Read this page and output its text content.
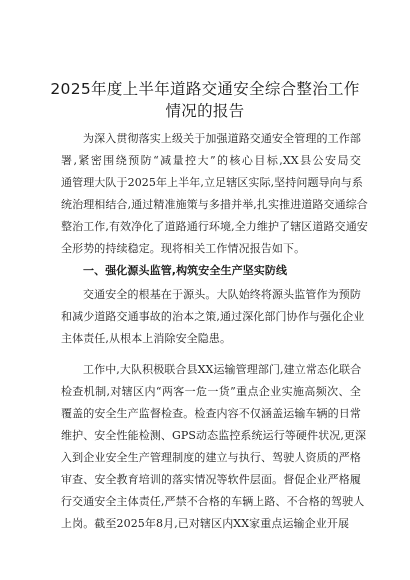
2025年度上半年道路交通安全综合整治工作
情况的报告
为深入贯彻落实上级关于加强道路交通安全管理的工作部
署,紧密围绕预防“减量控大”的核心目标,XX县公安局交
通管理大队于2025年上半年,立足辖区实际,坚持问题导向与系
统治理相结合,通过精准施策与多措并举,扎实推进道路交通综合
整治工作,有效净化了道路通行环境,全力维护了辖区道路交通安
全形势的持续稳定。现将相关工作情况报告如下。
一、强化源头监管,构筑安全生产坚实防线
交通安全的根基在于源头。大队始终将源头监管作为预防
和减少道路交通事故的治本之策,通过深化部门协作与强化企业
主体责任,从根本上消除安全隐患。
工作中,大队积极联合县XX运输管理部门,建立常态化联合
检查机制,对辖区内“两客一危一货”重点企业实施高频次、全
覆盖的安全生产监督检查。检查内容不仅涵盖运输车辆的日常
维护、安全性能检测、GPS动态监控系统运行等硬件状况,更深
入到企业安全生产管理制度的建立与执行、驾驶人资质的严格
审查、安全教育培训的落实情况等软件层面。督促企业严格履
行交通安全主体责任,严禁不合格的车辆上路、不合格的驾驶人
上岗。截至2025年8月,已对辖区内XX家重点运输企业开展
